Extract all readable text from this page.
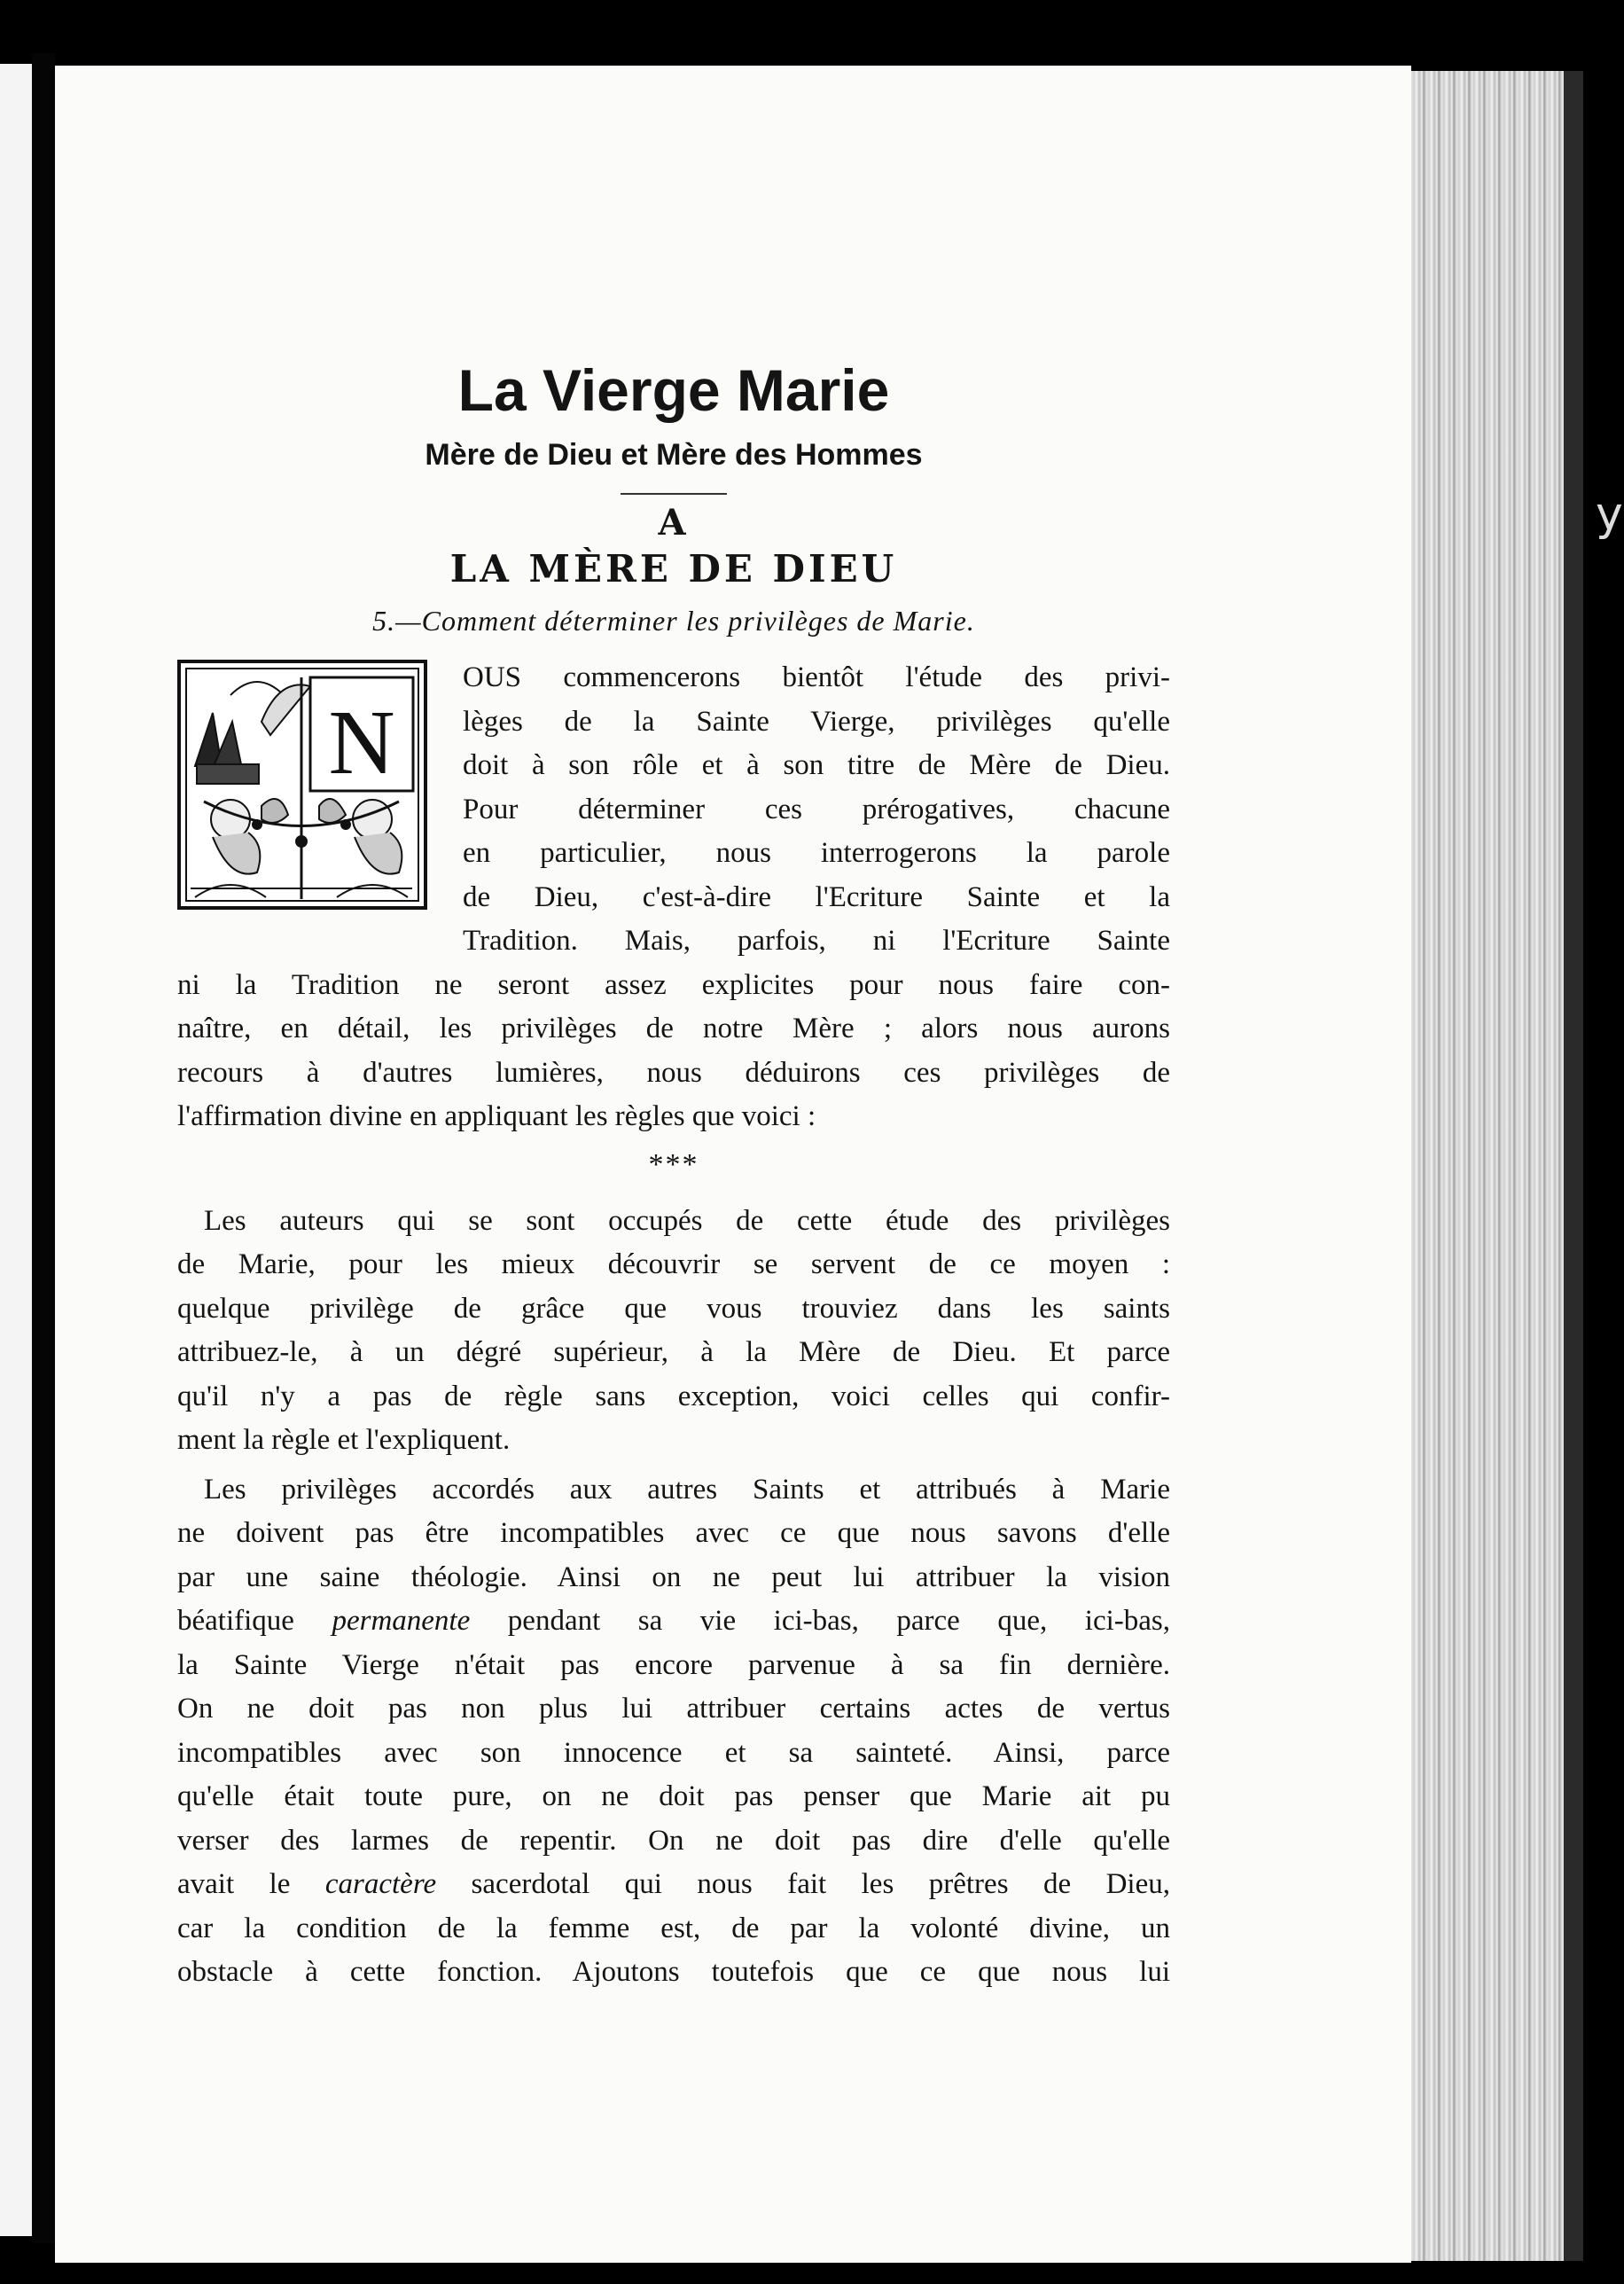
y
La Vierge Marie
Mère de Dieu et Mère des Hommes
A
LA MÈRE DE DIEU
5.—Comment déterminer les privilèges de Marie.
N
OUS commencerons bientôt l'étude des privi-
lèges de la Sainte Vierge, privilèges qu'elle
doit à son rôle et à son titre de Mère de Dieu.
Pour déterminer ces prérogatives, chacune
en particulier, nous interrogerons la parole
de Dieu, c'est-à-dire l'Ecriture Sainte et la
Tradition. Mais, parfois, ni l'Ecriture Sainte
ni la Tradition ne seront assez explicites pour nous faire con-
naître, en détail, les privilèges de notre Mère ; alors nous aurons
recours à d'autres lumières, nous déduirons ces privilèges de
l'affirmation divine en appliquant les règles que voici :
***
Les auteurs qui se sont occupés de cette étude des privilèges
de Marie, pour les mieux découvrir se servent de ce moyen :
quelque privilège de grâce que vous trouviez dans les saints
attribuez-le, à un dégré supérieur, à la Mère de Dieu. Et parce
qu'il n'y a pas de règle sans exception, voici celles qui confir-
ment la règle et l'expliquent.
Les privilèges accordés aux autres Saints et attribués à Marie
ne doivent pas être incompatibles avec ce que nous savons d'elle
par une saine théologie. Ainsi on ne peut lui attribuer la vision
béatifique permanente pendant sa vie ici-bas, parce que, ici-bas,
la Sainte Vierge n'était pas encore parvenue à sa fin dernière.
On ne doit pas non plus lui attribuer certains actes de vertus
incompatibles avec son innocence et sa sainteté. Ainsi, parce
qu'elle était toute pure, on ne doit pas penser que Marie ait pu
verser des larmes de repentir. On ne doit pas dire d'elle qu'elle
avait le caractère sacerdotal qui nous fait les prêtres de Dieu,
car la condition de la femme est, de par la volonté divine, un
obstacle à cette fonction. Ajoutons toutefois que ce que nous lui
